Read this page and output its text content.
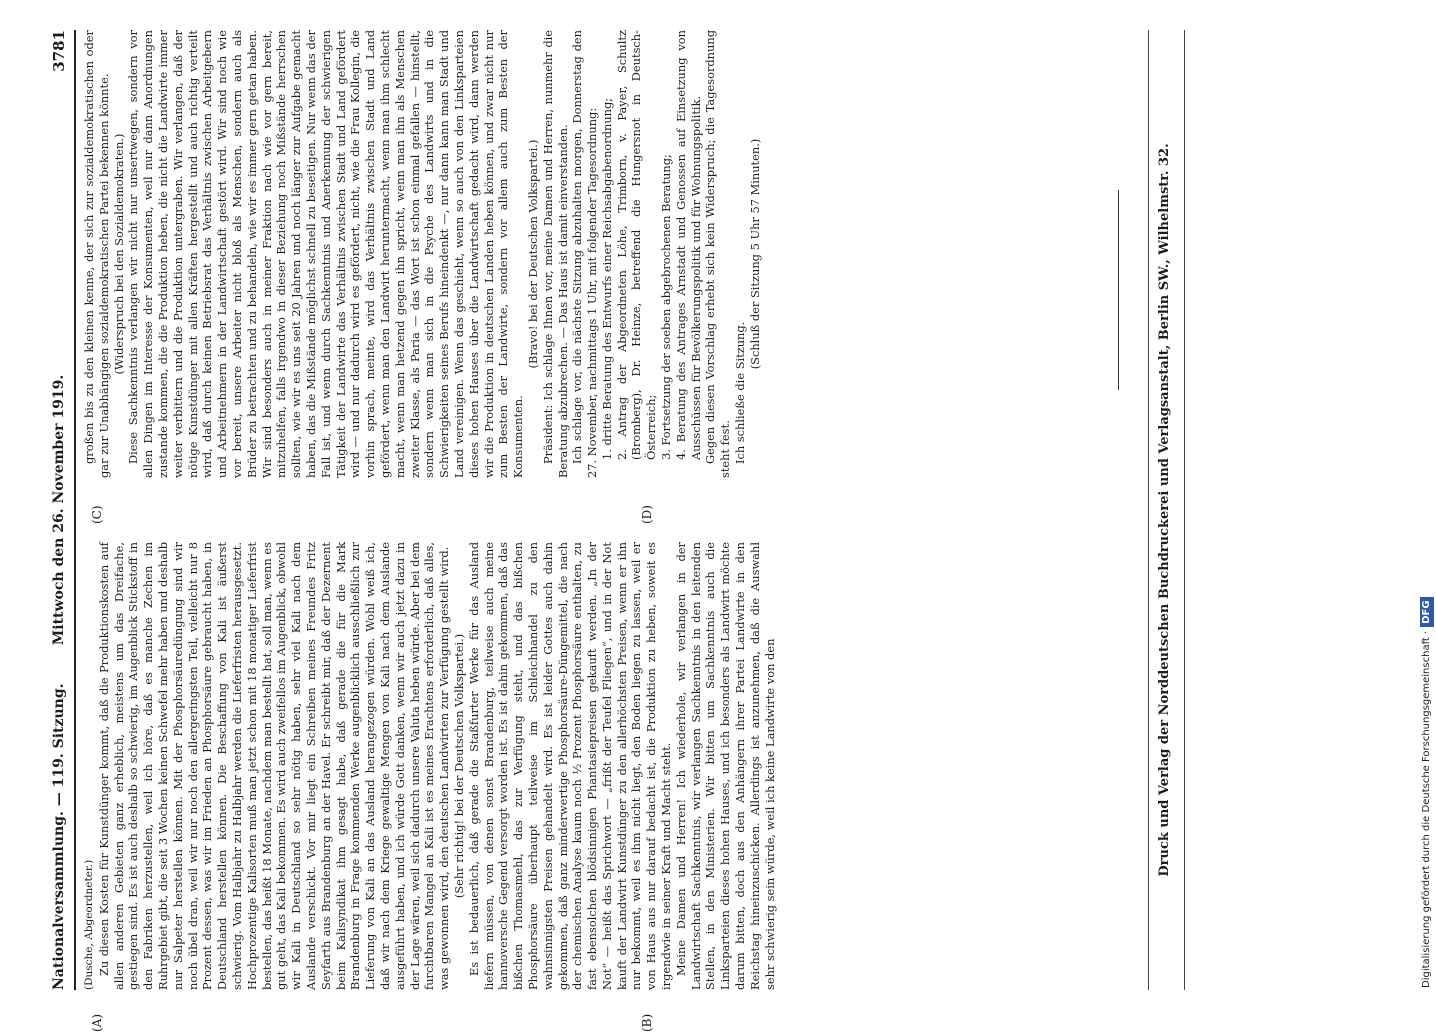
Nationalversammlung. — 119. Sitzung.
Mittwoch den 26. November 1919.
3781
(A)	(B)
(C)	(D)

(Dusche, Abgeordneter.) Zu diesen Kosten für Kunstdünger kommt, daß die Produktionskosten auf allen anderen Gebieten ganz erheblich, meistens um das Dreifache, gestiegen sind. Es ist auch deshalb so schwierig, im Augenblick Stickstoff in den Fabriken herzustellen, weil ich höre, daß es manche Zechen im Ruhrgebiet gibt, die seit 3 Wochen keinen Schwefel mehr haben und deshalb nur Salpeter herstellen können. Mit der Phosphorsäuredüngung sind wir noch übel dran, weil wir nur noch den allergeringsten Teil, vielleicht nur 8 Prozent dessen, was wir im Frieden an Phosphorsäure gebraucht haben, in Deutschland herstellen können. Die Beschaffung von Kali ist äußerst schwierig. Vom Halbjahr zu Halbjahr werden die Lieferfristen herausgesetzt. Hochprozentige Kalisorten muß man jetzt schon mit 18 monatiger Lieferfrist bestellen, das heißt 18 Monate, nachdem man bestellt hat, soll man, wenn es gut geht, das Kali bekommen. Es wird auch zweifellos im Augenblick, obwohl wir Kali in Deutschland so sehr nötig haben, sehr viel Kali nach dem Auslande verschickt. Vor mir liegt ein Schreiben meines Freundes Fritz Seyfarth aus Brandenburg an der Havel. Er schreibt mir, daß der Dezernent beim Kalisyndikat ihm gesagt habe, daß gerade die für die Mark Brandenburg in Frage kommenden Werke augenblicklich ausschließlich zur Lieferung von Kali an das Ausland herangezogen würden. Wohl weiß ich, daß wir nach dem Kriege gewaltige Mengen von Kali nach dem Auslande ausgeführt haben, und ich würde Gott danken, wenn wir auch jetzt dazu in der Lage wären, weil sich dadurch unsere Valuta heben würde. Aber bei dem furchtbaren Mangel an Kali ist es meines Erachtens erforderlich, daß alles, was gewonnen wird, den deutschen Landwirten zur Verfügung gestellt wird. (Sehr richtig! bei der Deutschen Volkspartei.) Es ist bedauerlich, daß gerade die Staßfurter Werke für das Ausland liefern müssen, von denen sonst Brandenburg, teilweise auch meine hannoversche Gegend versorgt worden ist. Es ist dahin gekommen, daß das bißchen Thomasmehl, das zur Verfügung steht, und das bißchen Phosphorsäure überhaupt teilweise im Schleichhandel zu den wahnsinnigsten Preisen gehandelt wird. Es ist leider Gottes auch dahin gekommen, daß ganz minderwertige Phosphorsäure-Düngemittel, die nach der chemischen Analyse kaum noch ½ Prozent Phosphorsäure enthalten, zu fast ebensolchen blödsinnigen Phantasiepreisen gekauft werden. „In der Not“ — heißt das Sprichwort — „frißt der Teufel Fliegen“, und in der Not kauft der Landwirt Kunstdünger zu den allerhöchsten Preisen, wenn er ihn nur bekommt, weil es ihm nicht liegt, den Boden liegen zu lassen, weil er von Haus aus nur darauf bedacht ist, die Produktion zu heben, soweit es irgendwie in seiner Kraft und Macht steht. Meine Damen und Herren! Ich wiederhole, wir verlangen in der Landwirtschaft Sachkenntnis, wir verlangen Sachkenntnis in den leitenden Stellen, in den Ministerien. Wir bitten um Sachkenntnis auch die Linksparteien dieses hohen Hauses, und ich besonders als Landwirt möchte darum bitten, doch aus den Anhängern ihrer Partei Landwirte in den Reichstag hineinzuschicken. Allerdings ist anzunehmen, daß die Auswahl sehr schwierig sein würde, weil ich keine Landwirte von den

großen bis zu den kleinen kenne, der sich zur sozialdemokratischen oder gar zur Unabhängigen sozialdemokratischen Partei bekennen könnte. (Widerspruch bei den Sozialdemokraten.) Diese Sachkenntnis verlangen wir nicht nur unsertwegen, sondern vor allen Dingen im Interesse der Konsumenten, weil nur dann Anordnungen zustande kommen, die die Produktion heben, die nicht die Landwirte immer weiter verbittern und die Produktion untergraben. Wir verlangen, daß der nötige Kunstdünger mit allen Kräften hergestellt und auch richtig verteilt wird, daß durch keinen Betriebsrat das Verhältnis zwischen Arbeitgebern und Arbeitnehmern in der Landwirtschaft gestört wird. Wir sind noch wie vor bereit, unsere Arbeiter nicht bloß als Menschen, sondern auch als Brüder zu betrachten und zu behandeln, wie wir es immer gern getan haben. Wir sind besonders auch in meiner Fraktion nach wie vor gern bereit, mitzuhelfen, falls irgendwo in dieser Beziehung noch Mißstände herrschen sollten, wie wir es uns seit 20 Jahren und noch länger zur Aufgabe gemacht haben, das die Mißstände möglichst schnell zu beseitigen. Nur wenn das der Fall ist, und wenn durch Sachkenntnis und Anerkennung der schwierigen Tätigkeit der Landwirte das Verhältnis zwischen Stadt und Land gefördert wird — und nur dadurch wird es gefördert, nicht, wie die Frau Kollegin, die vorhin sprach, meinte, wird das Verhältnis zwischen Stadt und Land gefördert, wenn man den Landwirt heruntermacht, wenn man ihm schlecht macht, wenn man hetzend gegen ihn spricht, wenn man ihn als Menschen zweiter Klasse, als Paria — das Wort ist schon einmal gefallen — hinstellt, sondern wenn man sich in die Psyche des Landwirts und in die Schwierigkeiten seines Berufs hineindenkt —, nur dann kann man Stadt und Land vereinigen. Wenn das geschieht, wenn so auch von den Linksparteien dieses hohen Hauses über die Landwirtschaft gedacht wird, dann werden wir die Produktion in deutschen Landen heben können, und zwar nicht nur zum Besten der Landwirte, sondern vor allem auch zum Besten der Konsumenten.

(Bravo! bei der Deutschen Volkspartei.) Präsident: Ich schlage Ihnen vor, meine Damen und Herren, nunmehr die Beratung abzubrechen. — Das Haus ist damit einverstanden. Ich schlage vor, die nächste Sitzung abzuhalten morgen, Donnerstag den 27. November, nachmittags 1 Uhr, mit folgender Tagesordnung: 1. dritte Beratung des Entwurfs einer Reichsabgabenordnung; 2. Antrag der Abgeordneten Löhe, Trimborn, v. Payer, Schultz (Bromberg), Dr. Heinze, betreffend die Hungersnot in Deutsch-Österreich; 3. Fortsetzung der soeben abgebrochenen Beratung; 4. Beratung des Antrages Arnstadt und Genossen auf Einsetzung von Ausschüssen für Bevölkerungspolitik und für Wohnungspolitik. Gegen diesen Vorschlag erhebt sich kein Widerspruch; die Tagesordnung steht fest. Ich schließe die Sitzung.

(Schluß der Sitzung 5 Uhr 57 Minuten.)	Druck und Verlag der Norddeutschen Buchdruckerei und Verlagsanstalt, Berlin SW., Wilhelmstr. 32.	Digitalisierung gefördert durch die Deutsche Forschungsgemeinschaft ·DFG
